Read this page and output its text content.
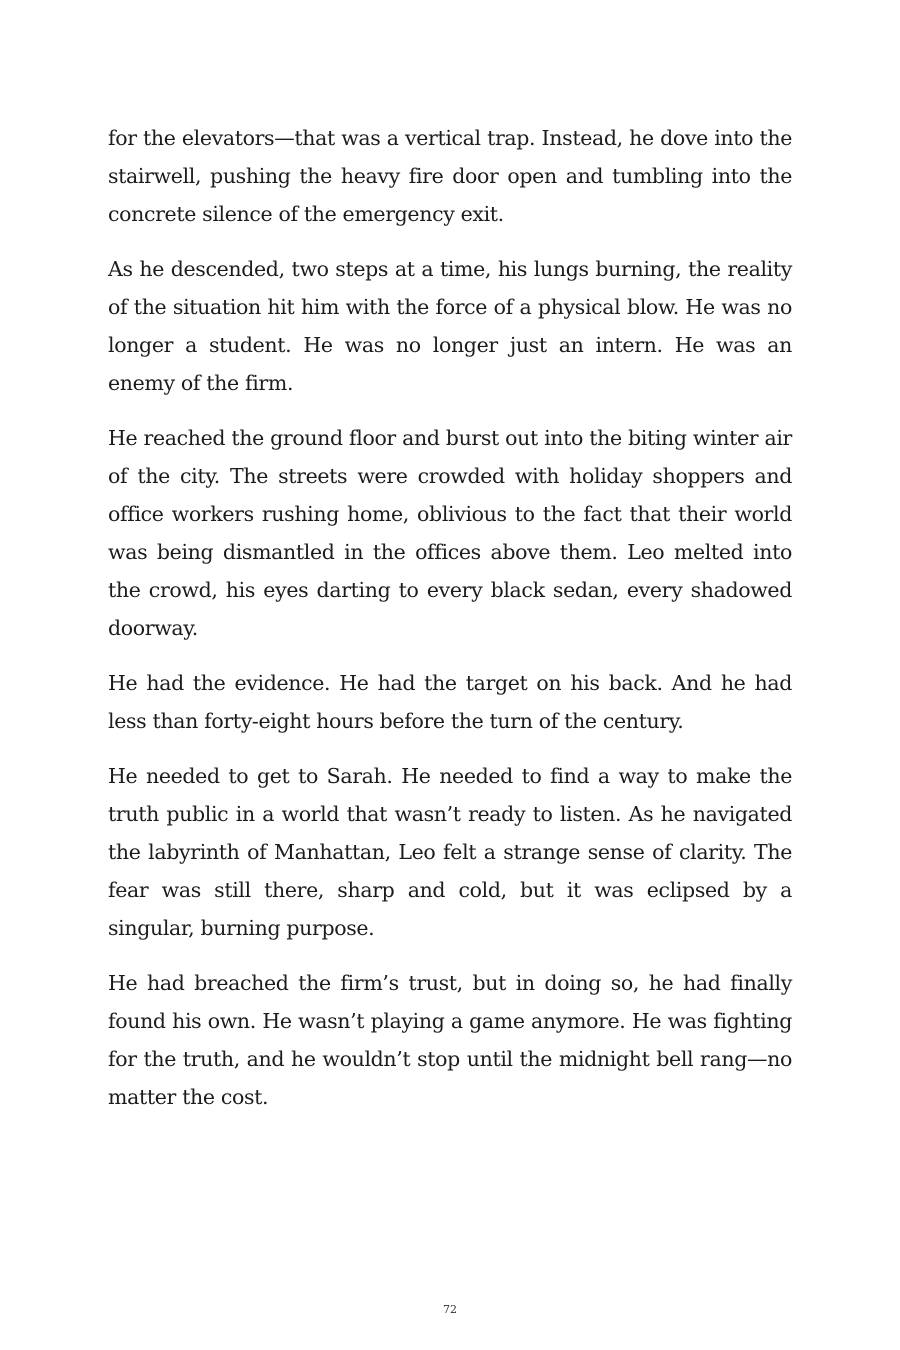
for the elevators—that was a vertical trap. Instead, he dove into the stairwell, pushing the heavy fire door open and tumbling into the concrete silence of the emergency exit.

As he descended, two steps at a time, his lungs burning, the reality of the situation hit him with the force of a physical blow. He was no longer a student. He was no longer just an intern. He was an enemy of the firm.

He reached the ground floor and burst out into the biting winter air of the city. The streets were crowded with holiday shoppers and office workers rushing home, oblivious to the fact that their world was being dismantled in the offices above them. Leo melted into the crowd, his eyes darting to every black sedan, every shadowed doorway.

He had the evidence. He had the target on his back. And he had less than forty-eight hours before the turn of the century.

He needed to get to Sarah. He needed to find a way to make the truth public in a world that wasn’t ready to listen. As he navigated the labyrinth of Manhattan, Leo felt a strange sense of clarity. The fear was still there, sharp and cold, but it was eclipsed by a singular, burning purpose.

He had breached the firm’s trust, but in doing so, he had finally found his own. He wasn’t playing a game anymore. He was fighting for the truth, and he wouldn’t stop until the midnight bell rang—no matter the cost.

72
